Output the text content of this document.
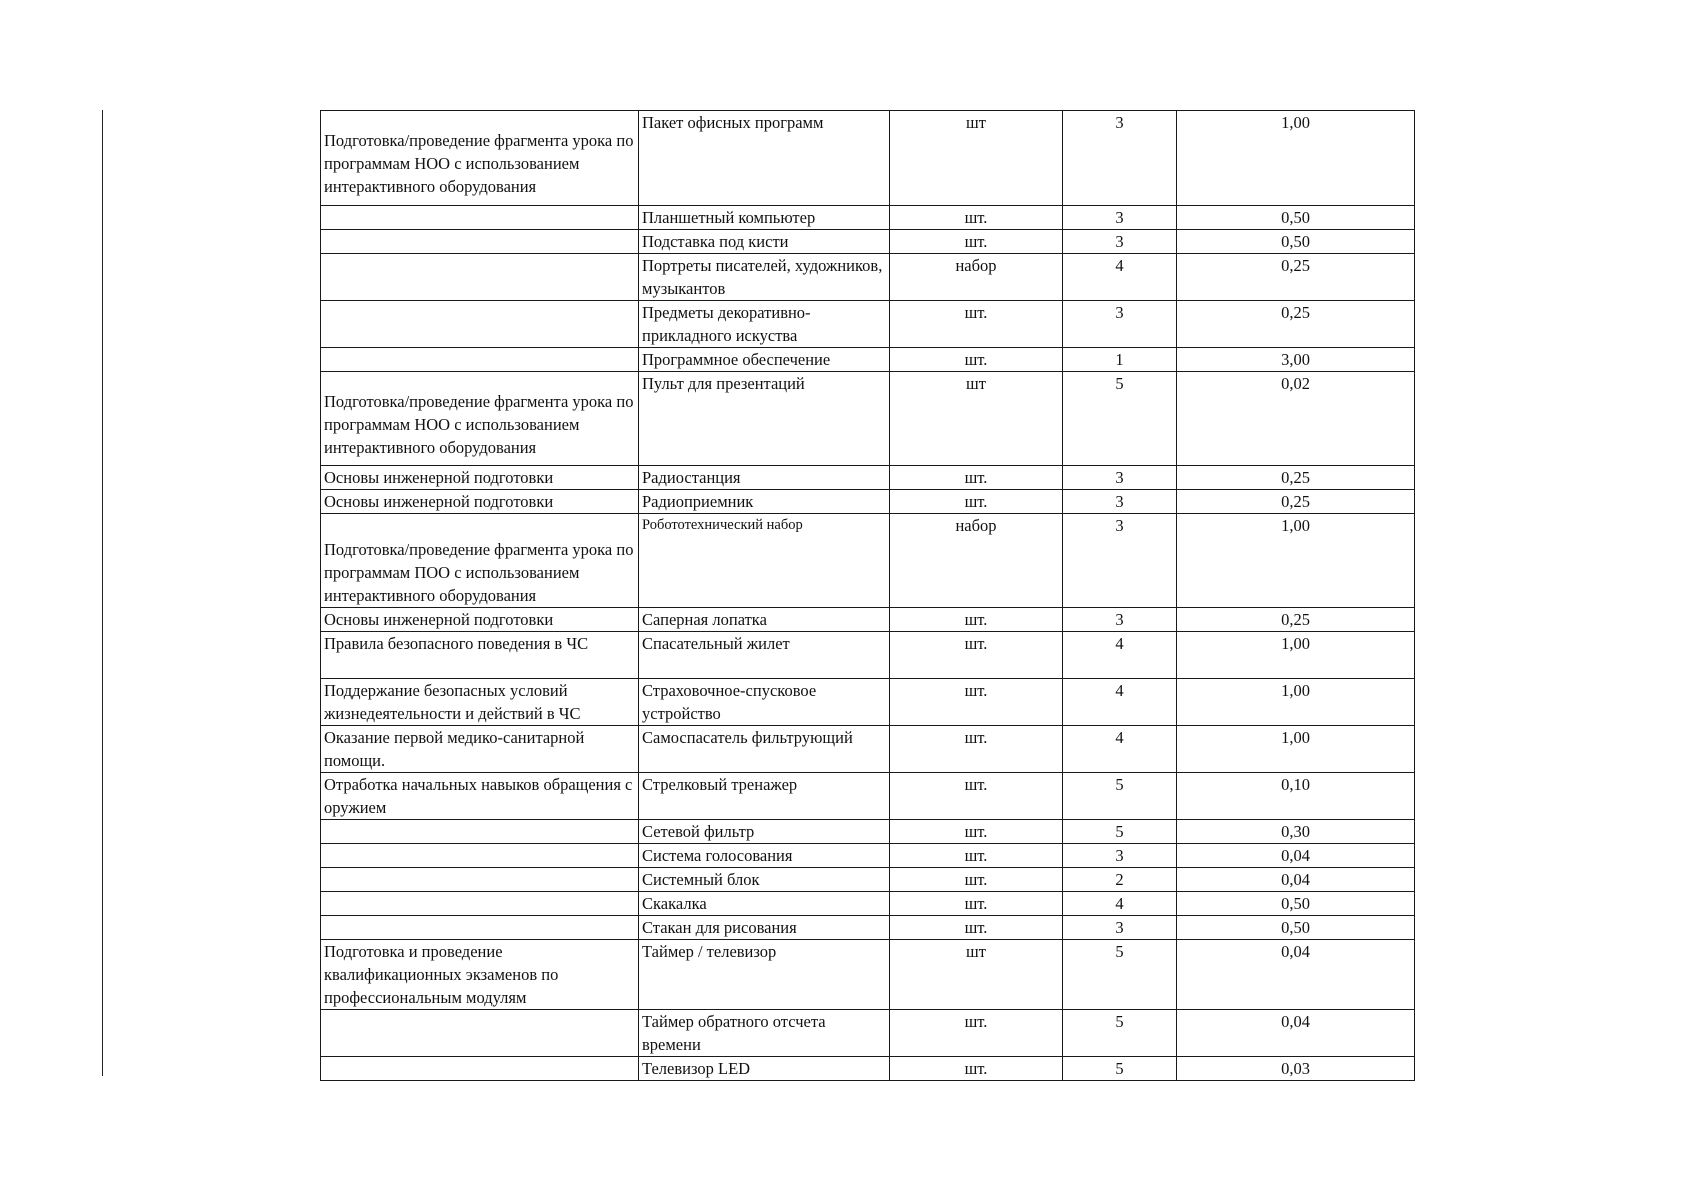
Подготовка/проведение фрагмента урока по программам НОО с использованием интерактивного оборудования	Пакет офисных программ	шт	3	1,00
	Планшетный компьютер	шт.	3	0,50
	Подставка под кисти	шт.	3	0,50
	Портреты писателей, художников, музыкантов	набор	4	0,25
	Предметы декоративно-прикладного искуства	шт.	3	0,25
	Программное обеспечение	шт.	1	3,00
Подготовка/проведение фрагмента урока по программам НОО с использованием интерактивного оборудования	Пульт для презентаций	шт	5	0,02
Основы инженерной подготовки	Радиостанция	шт.	3	0,25
Основы инженерной подготовки	Радиоприемник	шт.	3	0,25
Подготовка/проведение фрагмента урока по программам ПОО с использованием интерактивного оборудования	Робототехнический набор	набор	3	1,00
Основы инженерной подготовки	Саперная лопатка	шт.	3	0,25
Правила безопасного поведения в ЧС	Спасательный жилет	шт.	4	1,00
Поддержание безопасных условий жизнедеятельности и действий в ЧС	Страховочное-спусковое устройство	шт.	4	1,00
Оказание первой медико-санитарной помощи.	Самоспасатель фильтрующий	шт.	4	1,00
Отработка начальных навыков обращения с оружием	Стрелковый тренажер	шт.	5	0,10
	Сетевой фильтр	шт.	5	0,30
	Система голосования	шт.	3	0,04
	Системный блок	шт.	2	0,04
	Скакалка	шт.	4	0,50
	Стакан для рисования	шт.	3	0,50
Подготовка и проведение квалификационных экзаменов по профессиональным модулям	Таймер / телевизор	шт	5	0,04
	Таймер обратного отсчета времени	шт.	5	0,04
	Телевизор LED	шт.	5	0,03
